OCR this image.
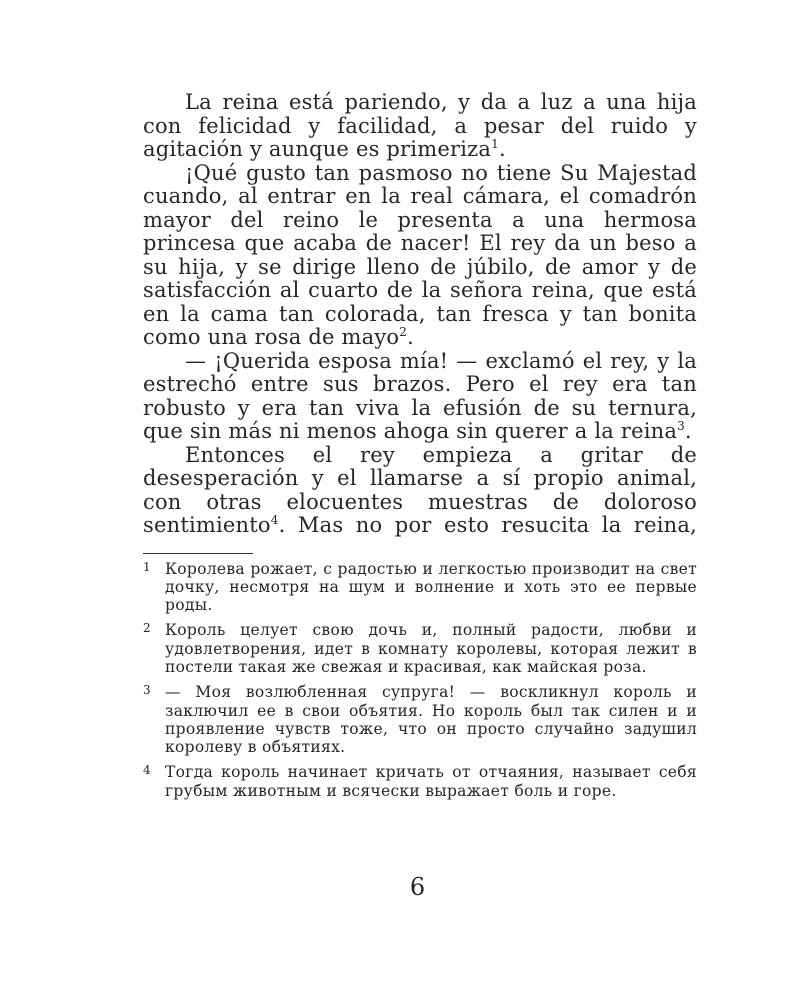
La reina está pariendo, y da a luz a una hija con felicidad y facilidad, a pesar del ruido y agitación y aunque es primeriza$^1$.

¡Qué gusto tan pasmoso no tiene Su Majestad cuando, al entrar en la real cámara, el comadrón mayor del reino le presenta a una hermosa princesa que acaba de nacer! El rey da un beso a su hija, y se dirige lleno de júbilo, de amor y de satisfacción al cuarto de la señora reina, que está en la cama tan colorada, tan fresca y tan bonita como una rosa de mayo$^2$.

— ¡Querida esposa mía! — exclamó el rey, y la estrechó entre sus brazos. Pero el rey era tan robusto y era tan viva la efusión de su ternura, que sin más ni menos ahoga sin querer a la reina$^3$.

Entonces el rey empieza a gritar de desesperación y el llamarse a sí propio animal, con otras elocuentes muestras de doloroso sentimiento$^4$. Mas no por esto resucita la reina,

1 Королева рожает, с радостью и легкостью производит на свет дочку, несмотря на шум и волнение и хоть это ее первые роды.
2 Король целует свою дочь и, полный радости, любви и удовлетворения, идет в комнату королевы, которая лежит в постели такая же свежая и красивая, как майская роза.
3 — Моя возлюбленная супруга! — воскликнул король и заключил ее в свои объятия. Но король был так силен и и проявление чувств тоже, что он просто случайно задушил королеву в объятиях.
4 Тогда король начинает кричать от отчаяния, называет себя грубым животным и всячески выражает боль и горе.
6
